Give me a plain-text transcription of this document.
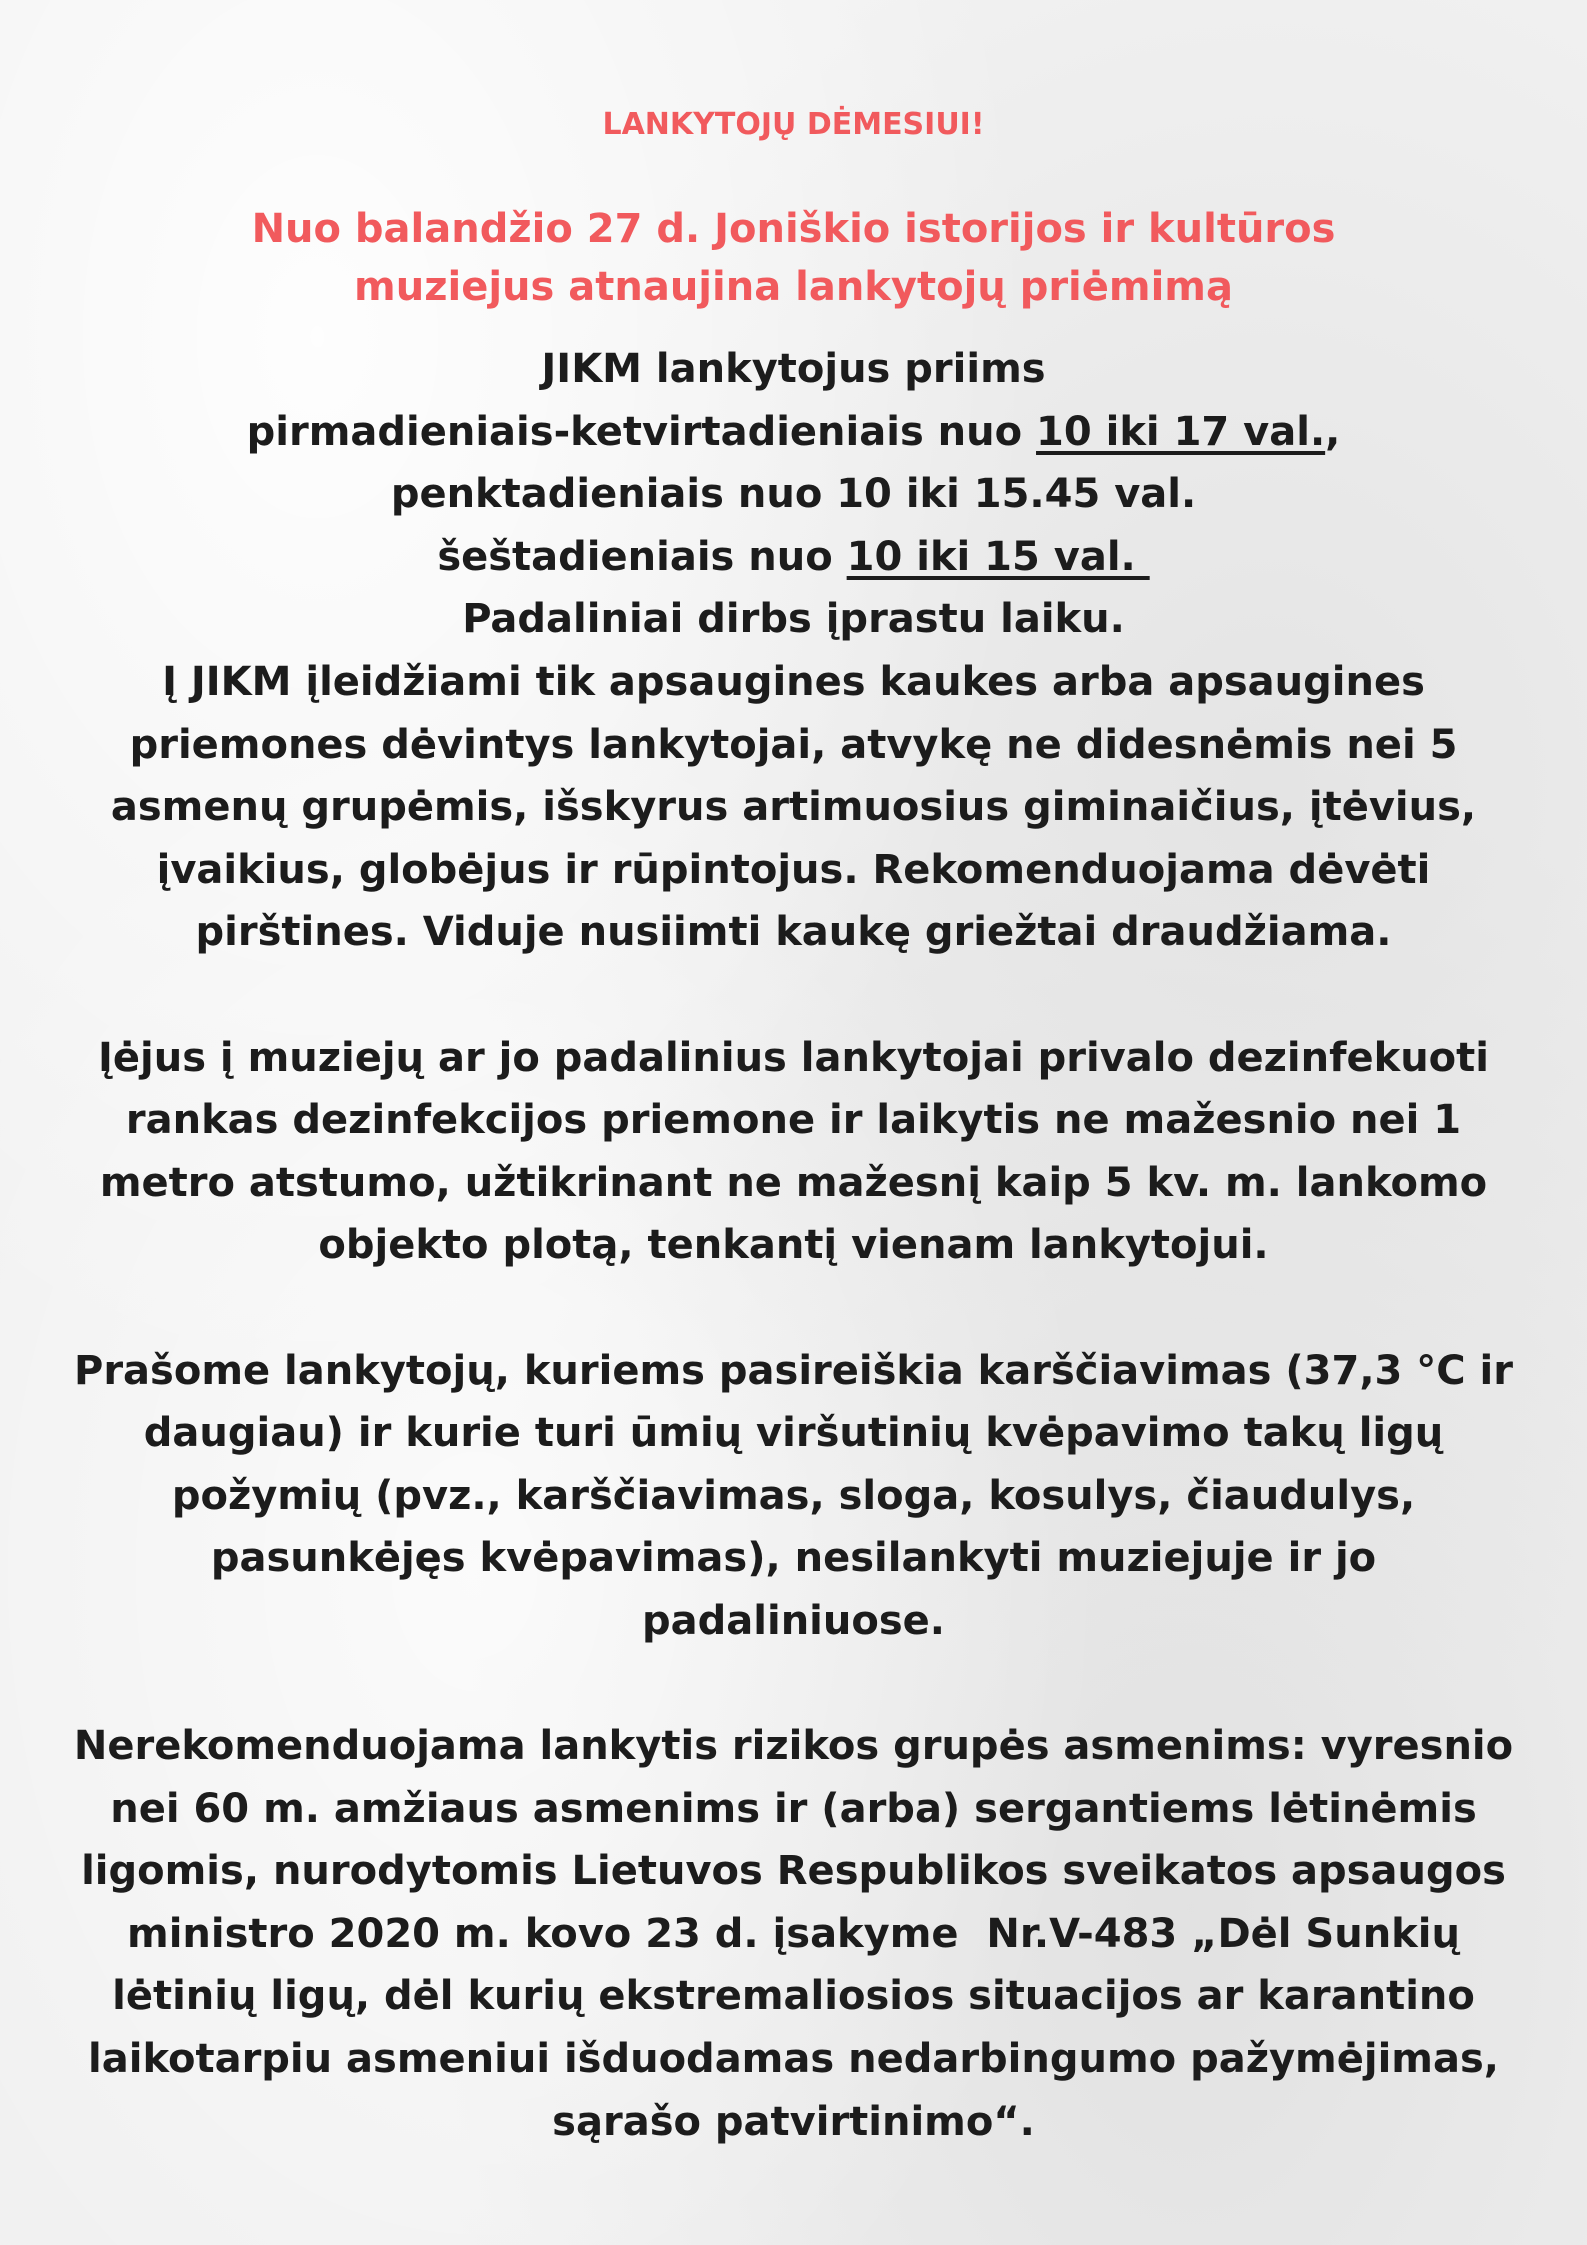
LANKYTOJŲ DĖMESIUI!
Nuo balandžio 27 d. Joniškio istorijos ir kultūros
muziejus atnaujina lankytojų priėmimą
JIKM lankytojus priims
pirmadieniais-ketvirtadieniais nuo 10 iki 17 val.,
penktadieniais nuo 10 iki 15.45 val.
šeštadieniais nuo 10 iki 15 val.
Padaliniai dirbs įprastu laiku.
Į JIKM įleidžiami tik apsaugines kaukes arba apsaugines
priemones dėvintys lankytojai, atvykę ne didesnėmis nei 5
asmenų grupėmis, išskyrus artimuosius giminaičius, įtėvius,
įvaikius, globėjus ir rūpintojus. Rekomenduojama dėvėti
pirštines. Viduje nusiimti kaukę griežtai draudžiama.
Įėjus į muziejų ar jo padalinius lankytojai privalo dezinfekuoti
rankas dezinfekcijos priemone ir laikytis ne mažesnio nei 1
metro atstumo, užtikrinant ne mažesnį kaip 5 kv. m. lankomo
objekto plotą, tenkantį vienam lankytojui.
Prašome lankytojų, kuriems pasireiškia karščiavimas (37,3 °C ir
daugiau) ir kurie turi ūmių viršutinių kvėpavimo takų ligų
požymių (pvz., karščiavimas, sloga, kosulys, čiaudulys,
pasunkėjęs kvėpavimas), nesilankyti muziejuje ir jo
padaliniuose.
Nerekomenduojama lankytis rizikos grupės asmenims: vyresnio
nei 60 m. amžiaus asmenims ir (arba) sergantiems lėtinėmis
ligomis, nurodytomis Lietuvos Respublikos sveikatos apsaugos
ministro 2020 m. kovo 23 d. įsakyme  Nr.V-483 „Dėl Sunkių
lėtinių ligų, dėl kurių ekstremaliosios situacijos ar karantino
laikotarpiu asmeniui išduodamas nedarbingumo pažymėjimas,
sąrašo patvirtinimo“.
